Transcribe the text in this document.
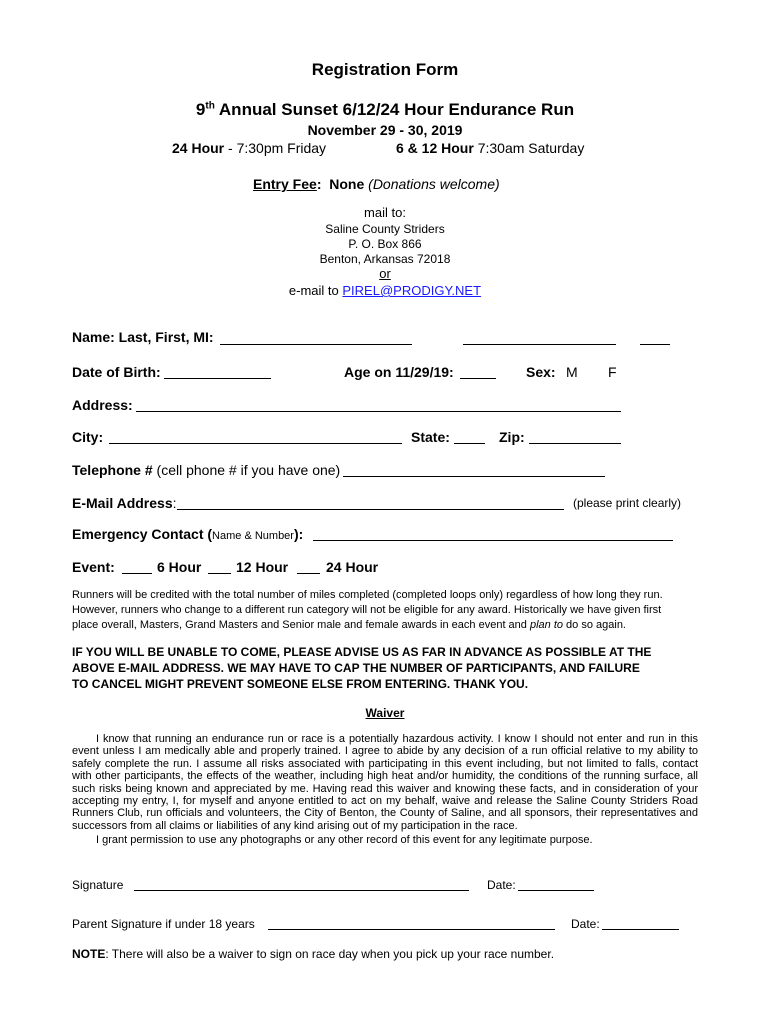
Registration Form
9th Annual Sunset 6/12/24 Hour Endurance Run
November 29 - 30, 2019
24 Hour - 7:30pm Friday	6 & 12 Hour 7:30am Saturday
Entry Fee: None (Donations welcome)
mail to:
Saline County Striders
P. O. Box 866
Benton, Arkansas 72018
or
e-mail to PIREL@PRODIGY.NET
Name: Last, First, MI:
Date of Birth:	Age on 11/29/19:	Sex: M F
Address:
City:	State:	Zip:
Telephone # (cell phone # if you have one)
E-Mail Address:	(please print clearly)
Emergency Contact (Name & Number):
Event:	6 Hour 12 Hour	24 Hour
Runners will be credited with the total number of miles completed (completed loops only) regardless of how long they run.
However, runners who change to a different run category will not be eligible for any award. Historically we have given first
place overall, Masters, Grand Masters and Senior male and female awards in each event and plan to do so again.
IF YOU WILL BE UNABLE TO COME, PLEASE ADVISE US AS FAR IN ADVANCE AS POSSIBLE AT THE
ABOVE E-MAIL ADDRESS. WE MAY HAVE TO CAP THE NUMBER OF PARTICIPANTS, AND FAILURE
TO CANCEL MIGHT PREVENT SOMEONE ELSE FROM ENTERING. THANK YOU.
Waiver
I know that running an endurance run or race is a potentially hazardous activity. I know I should not enter and run in this event unless I am medically able and properly trained. I agree to abide by any decision of a run official relative to my ability to safely complete the run. I assume all risks associated with participating in this event including, but not limited to falls, contact with other participants, the effects of the weather, including high heat and/or humidity, the conditions of the running surface, all such risks being known and appreciated by me. Having read this waiver and knowing these facts, and in consideration of your accepting my entry, I, for myself and anyone entitled to act on my behalf, waive and release the Saline County Striders Road Runners Club, run officials and volunteers, the City of Benton, the County of Saline, and all sponsors, their representatives and successors from all claims or liabilities of any kind arising out of my participation in the race.
I grant permission to use any photographs or any other record of this event for any legitimate purpose.
Signature	Date:
Parent Signature if under 18 years	Date:
NOTE: There will also be a waiver to sign on race day when you pick up your race number.
